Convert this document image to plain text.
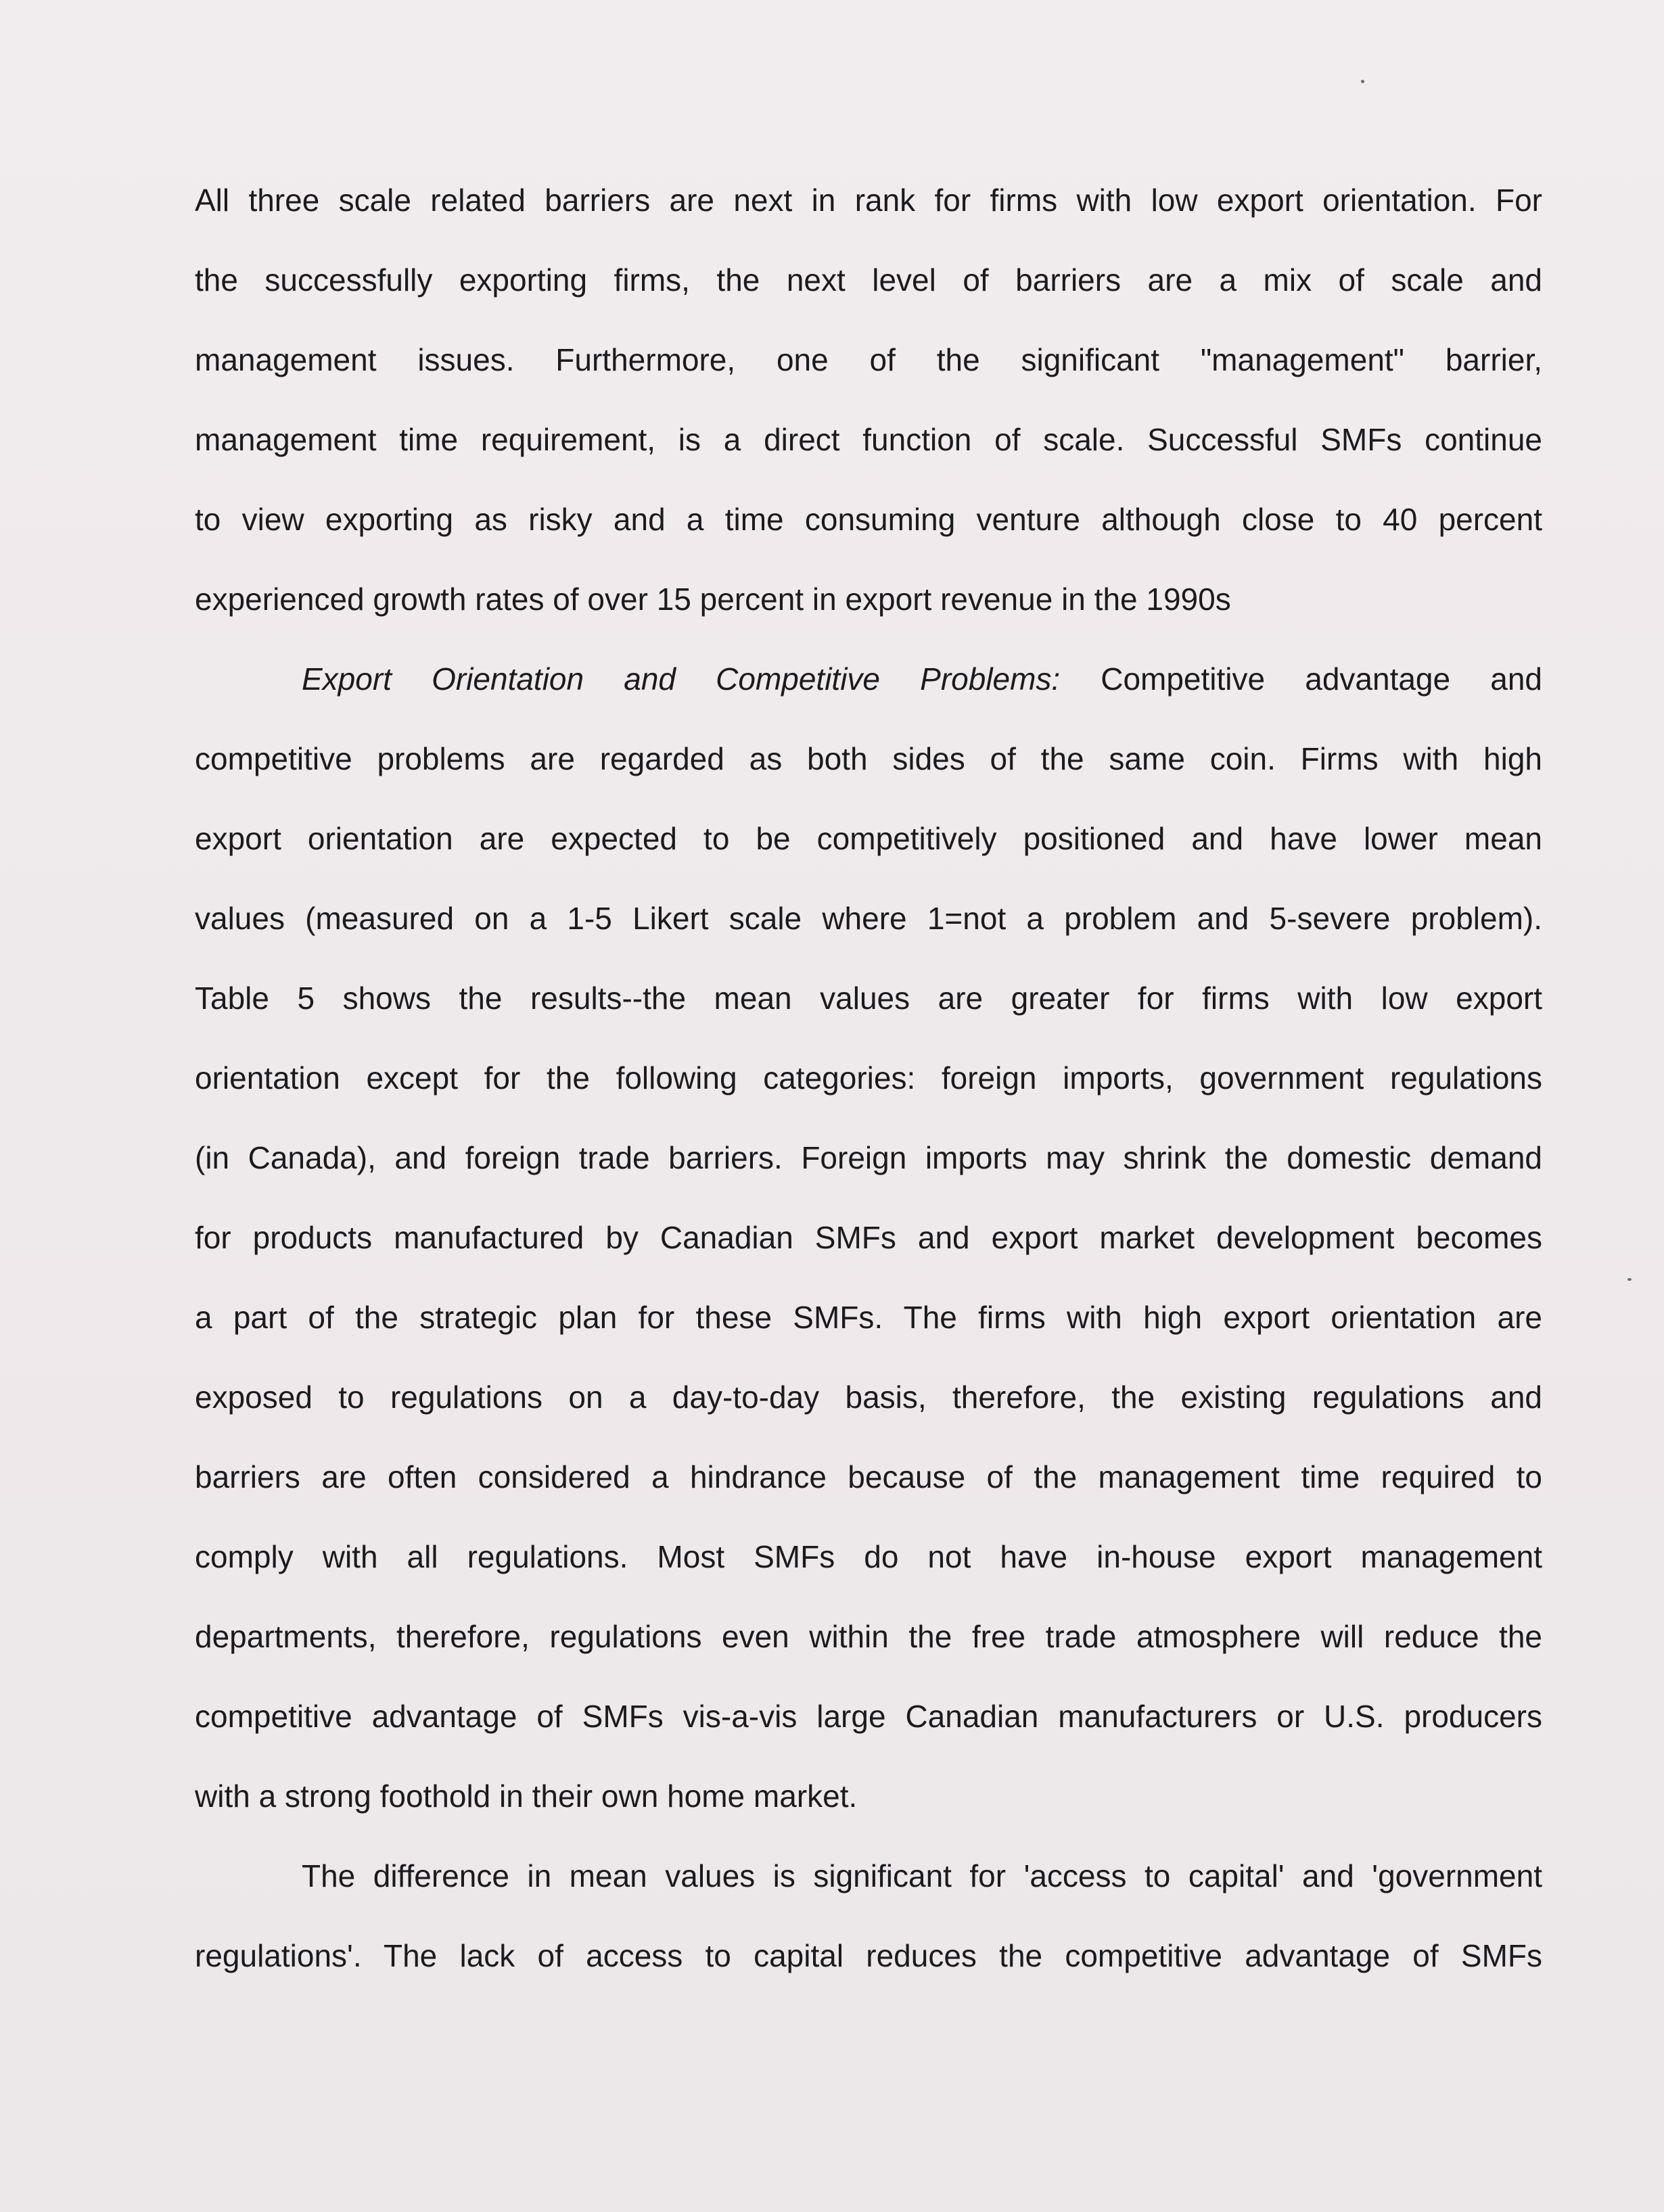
All three scale related barriers are next in rank for firms with low export orientation. For

the successfully exporting firms, the next level of barriers are a mix of scale and

management issues. Furthermore, one of the significant "management" barrier,

management time requirement, is a direct function of scale. Successful SMFs continue

to view exporting as risky and a time consuming venture although close to 40 percent

experienced growth rates of over 15 percent in export revenue in the 1990s

Export Orientation and Competitive Problems: Competitive advantage and

competitive problems are regarded as both sides of the same coin. Firms with high

export orientation are expected to be competitively positioned and have lower mean

values (measured on a 1-5 Likert scale where 1=not a problem and 5-severe problem).

Table 5 shows the results--the mean values are greater for firms with low export

orientation except for the following categories: foreign imports, government regulations

(in Canada), and foreign trade barriers. Foreign imports may shrink the domestic demand

for products manufactured by Canadian SMFs and export market development becomes

a part of the strategic plan for these SMFs. The firms with high export orientation are

exposed to regulations on a day-to-day basis, therefore, the existing regulations and

barriers are often considered a hindrance because of the management time required to

comply with all regulations. Most SMFs do not have in-house export management

departments, therefore, regulations even within the free trade atmosphere will reduce the

competitive advantage of SMFs vis-a-vis large Canadian manufacturers or U.S. producers

with a strong foothold in their own home market.

The difference in mean values is significant for 'access to capital' and 'government

regulations'. The lack of access to capital reduces the competitive advantage of SMFs
